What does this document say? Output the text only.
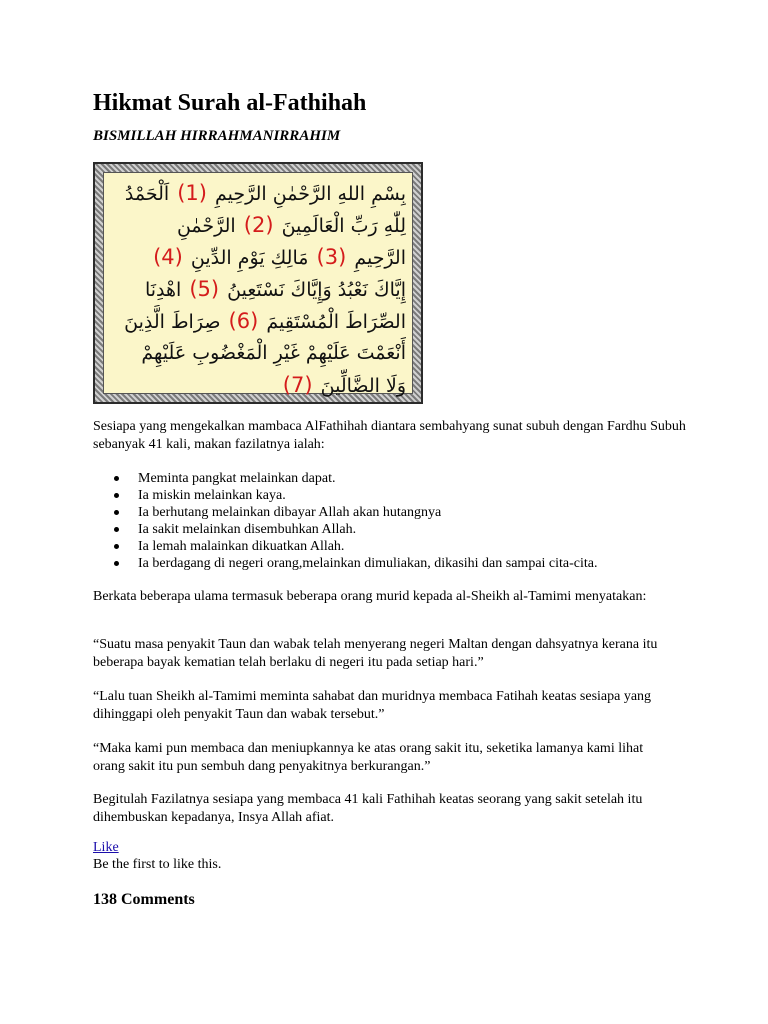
Hikmat Surah al-Fathihah
BISMILLAH HIRRAHMANIRRAHIM
بِسْمِ اللهِ الرَّحْمٰنِ الرَّحِيمِ (1) اَلْحَمْدُ
لِلّٰهِ رَبِّ الْعَالَمِينَ (2) الرَّحْمٰنِ
الرَّحِيمِ (3) مَالِكِ يَوْمِ الدِّينِ (4)
إِيَّاكَ نَعْبُدُ وَإِيَّاكَ نَسْتَعِينُ (5) اهْدِنَا
الصِّرَاطَ الْمُسْتَقِيمَ (6) صِرَاطَ الَّذِينَ
أَنْعَمْتَ عَلَيْهِمْ غَيْرِ الْمَغْضُوبِ عَلَيْهِمْ
وَلَا الضَّالِّينَ (7)

Sesiapa yang mengekalkan mambaca AlFathihah diantara sembahyang sunat subuh dengan Fardhu Subuh sebanyak 41 kali, makan fazilatnya ialah:

Meminta pangkat melainkan dapat.
Ia miskin melainkan kaya.
Ia berhutang melainkan dibayar Allah akan hutangnya
Ia sakit melainkan disembuhkan Allah.
Ia lemah malainkan dikuatkan Allah.
Ia berdagang di negeri orang,melainkan dimuliakan, dikasihi dan sampai cita-cita.

Berkata beberapa ulama termasuk beberapa orang murid kepada al-Sheikh al-Tamimi menyatakan:

“Suatu masa penyakit Taun dan wabak telah menyerang negeri Maltan dengan dahsyatnya kerana itu beberapa bayak kematian telah berlaku di negeri itu pada setiap hari.”

“Lalu tuan Sheikh al-Tamimi meminta sahabat dan muridnya membaca Fatihah keatas sesiapa yang dihinggapi oleh penyakit Taun dan wabak tersebut.”

“Maka kami pun membaca dan meniupkannya ke atas orang sakit itu, seketika lamanya kami lihat orang sakit itu pun sembuh dang penyakitnya berkurangan.”

Begitulah Fazilatnya sesiapa yang membaca 41 kali Fathihah keatas seorang yang sakit setelah itu dihembuskan kepadanya, Insya Allah afiat.

Like
Be the first to like this.
138 Comments
